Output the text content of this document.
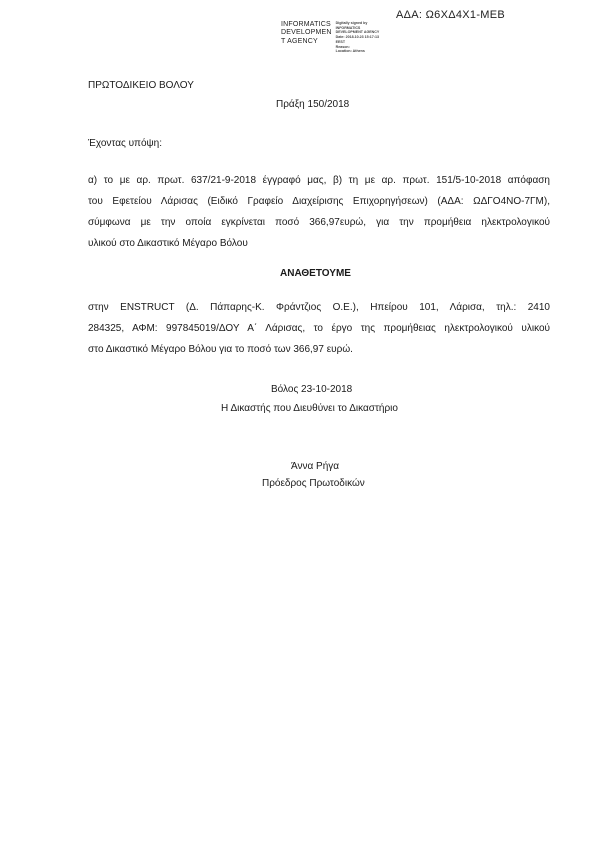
ΑΔΑ: Ω6ΧΔ4Χ1-ΜΕΒ
INFORMATICS
DEVELOPMEN
T AGENCY
Digitally signed by
INFORMATICS
DEVELOPMENT AGENCY
Date: 2018.10.23 15:17:13
EEST
Reason:
Location: Athens
ΠΡΩΤΟΔΙΚΕΙΟ ΒΟΛΟΥ
Πράξη 150/2018
Έχοντας υπόψη:
α) το με αρ. πρωτ. 637/21-9-2018 έγγραφό μας, β) τη με αρ. πρωτ. 151/5-10-2018 απόφαση
του Εφετείου Λάρισας (Ειδικό Γραφείο Διαχείρισης Επιχορηγήσεων) (ΑΔΑ: ΩΔΓΟ4ΝΟ-7ΓΜ),
σύμφωνα με την οποία εγκρίνεται ποσό 366,97ευρώ, για την προμήθεια ηλεκτρολογικού
υλικού στο Δικαστικό Μέγαρο Βόλου
ΑΝΑΘΕΤΟΥΜΕ
στην ENSTRUCT (Δ. Πάπαρης-Κ. Φράντζιος Ο.Ε.), Ηπείρου 101, Λάρισα, τηλ.: 2410
284325, ΑΦΜ: 997845019/ΔΟΥ Α΄ Λάρισας, το έργο της προμήθειας ηλεκτρολογικού υλικού
στο Δικαστικό Μέγαρο Βόλου για το ποσό των 366,97 ευρώ.
Βόλος 23-10-2018
Η Δικαστής που Διευθύνει το Δικαστήριο
Άννα Ρήγα
Πρόεδρος Πρωτοδικών
